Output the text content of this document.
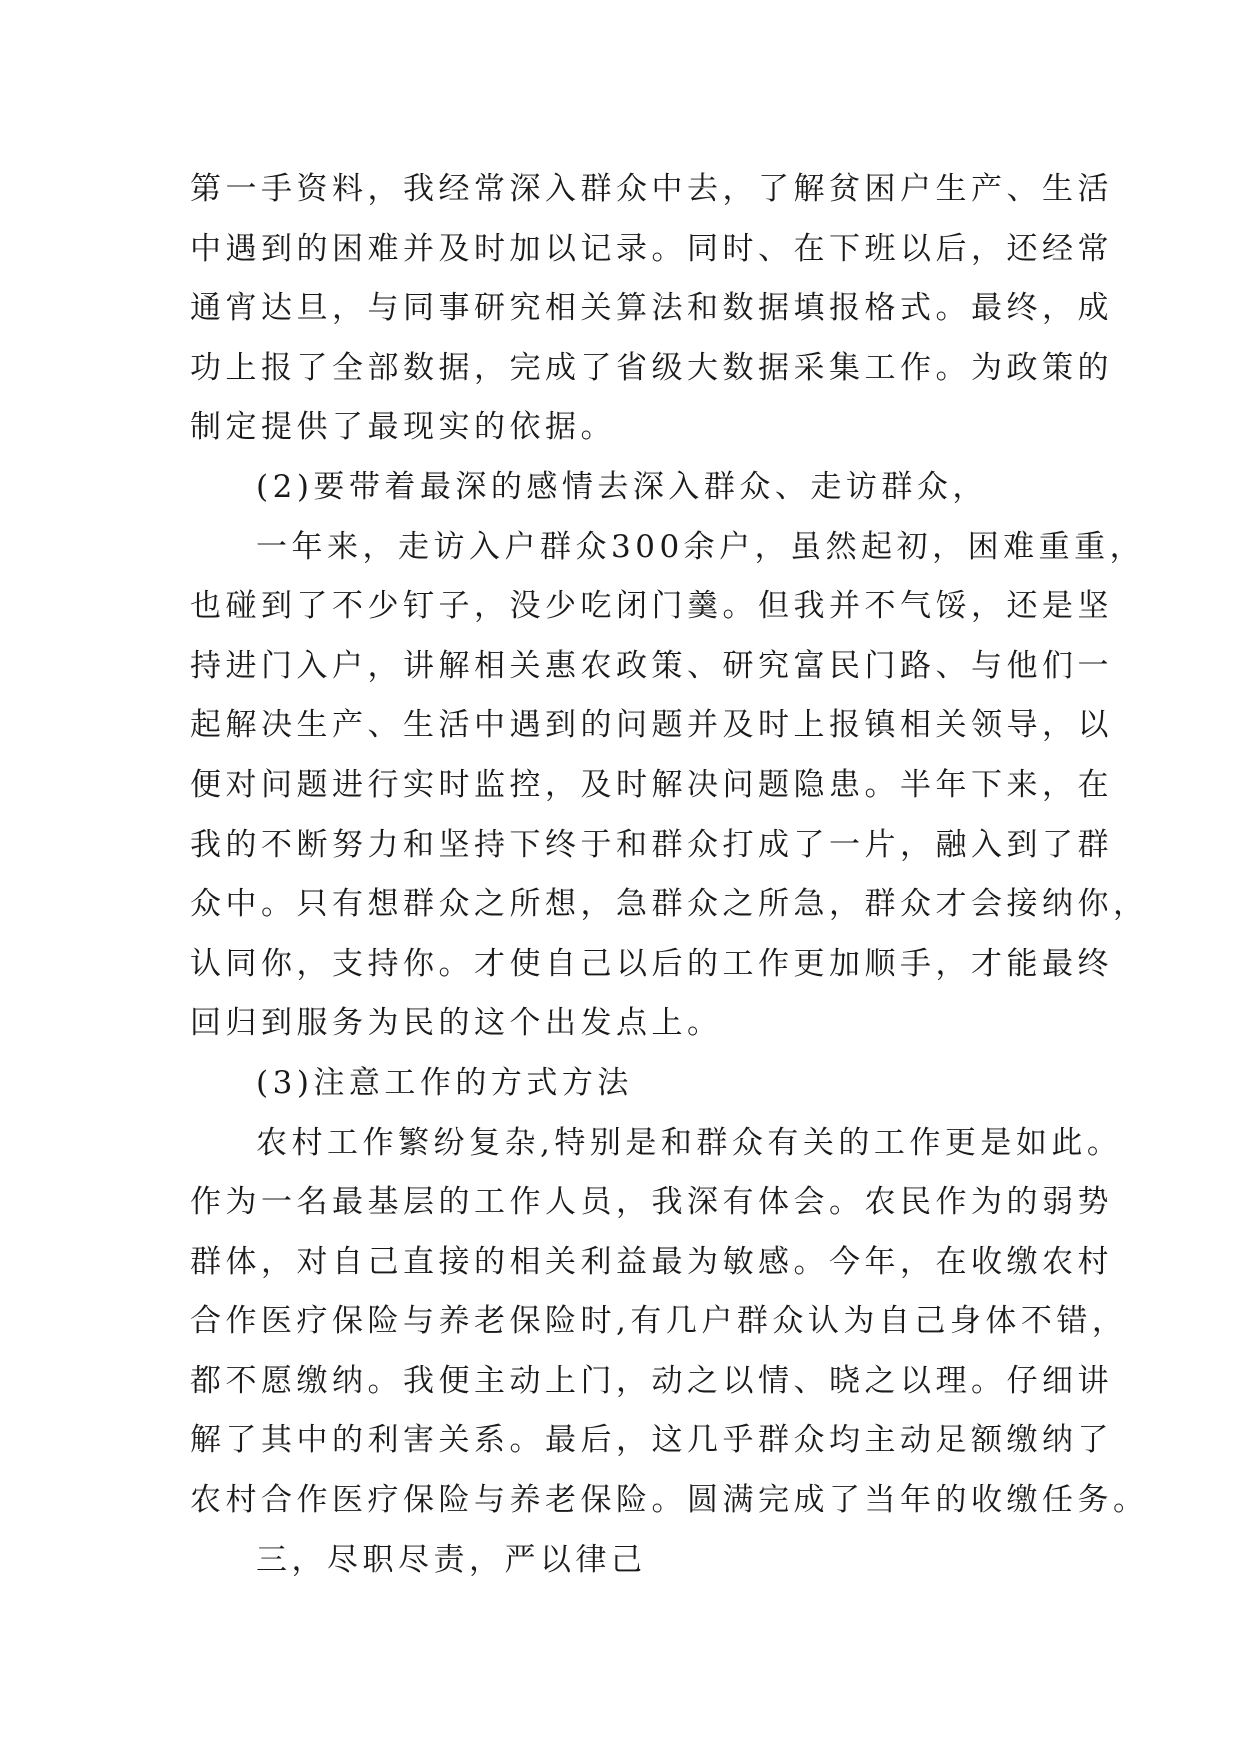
第一手资料，我经常深入群众中去，了解贫困户生产、生活
中遇到的困难并及时加以记录。同时、在下班以后，还经常
通宵达旦，与同事研究相关算法和数据填报格式。最终，成
功上报了全部数据，完成了省级大数据采集工作。为政策的
制定提供了最现实的依据。
(2)要带着最深的感情去深入群众、走访群众，
一年来，走访入户群众300余户，虽然起初，困难重重，
也碰到了不少钉子，没少吃闭门羹。但我并不气馁，还是坚
持进门入户，讲解相关惠农政策、研究富民门路、与他们一
起解决生产、生活中遇到的问题并及时上报镇相关领导，以
便对问题进行实时监控，及时解决问题隐患。半年下来，在
我的不断努力和坚持下终于和群众打成了一片，融入到了群
众中。只有想群众之所想，急群众之所急，群众才会接纳你，
认同你，支持你。才使自己以后的工作更加顺手，才能最终
回归到服务为民的这个出发点上。
(3)注意工作的方式方法
农村工作繁纷复杂,特别是和群众有关的工作更是如此。
作为一名最基层的工作人员，我深有体会。农民作为的弱势
群体，对自己直接的相关利益最为敏感。今年，在收缴农村
合作医疗保险与养老保险时,有几户群众认为自己身体不错，
都不愿缴纳。我便主动上门，动之以情、晓之以理。仔细讲
解了其中的利害关系。最后，这几乎群众均主动足额缴纳了
农村合作医疗保险与养老保险。圆满完成了当年的收缴任务。
三，尽职尽责，严以律己
